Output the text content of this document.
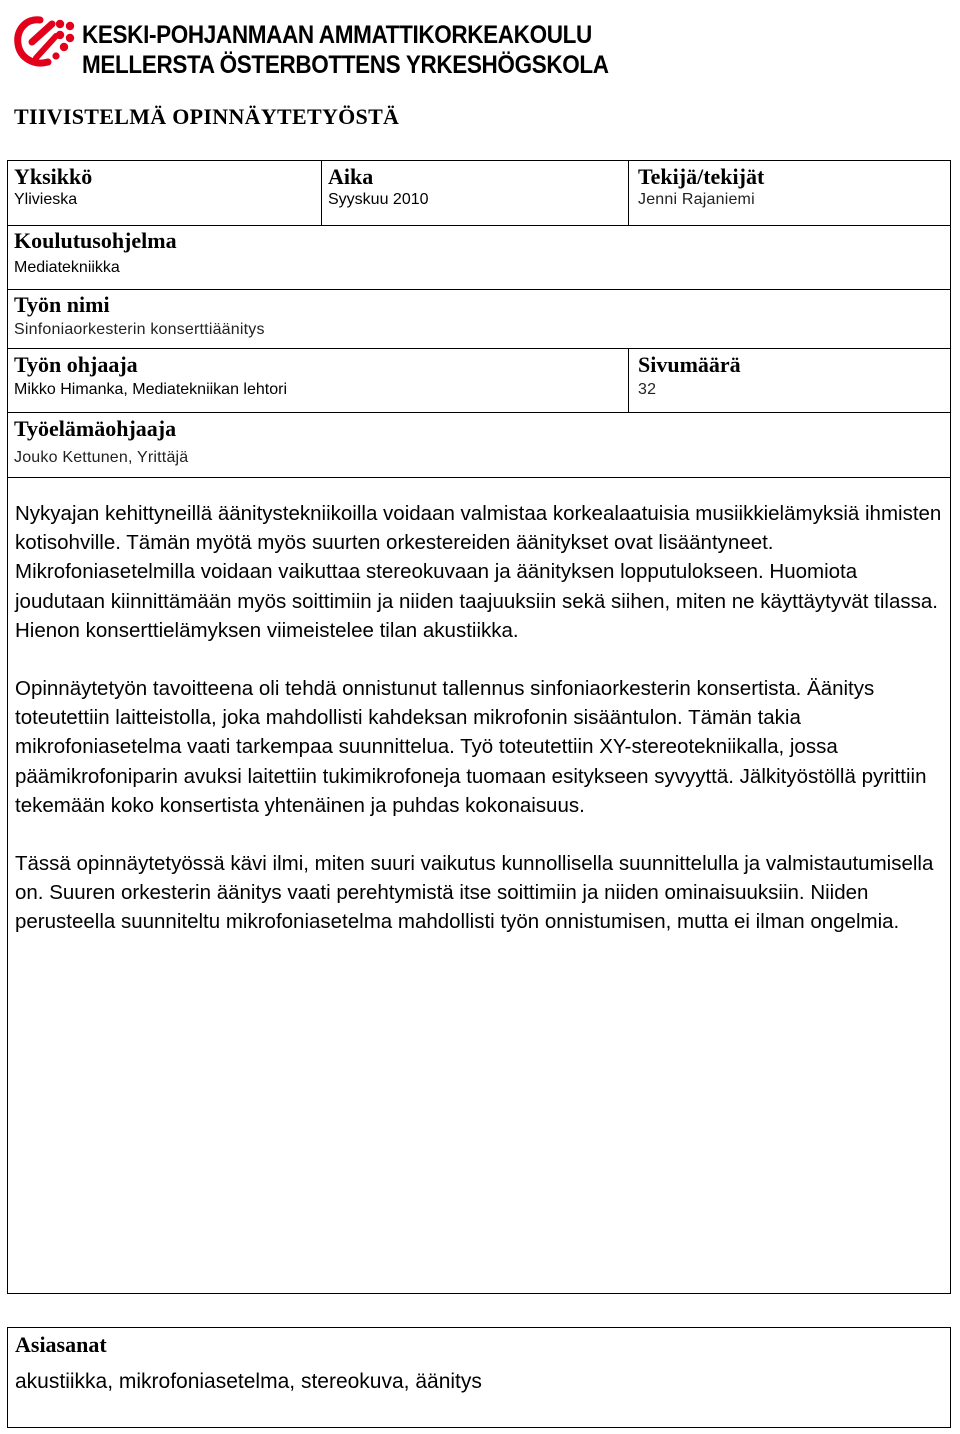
KESKI-POHJANMAAN AMMATTIKORKEAKOULU
MELLERSTA ÖSTERBOTTENS YRKESHÖGSKOLA
TIIVISTELMÄ OPINNÄYTETYÖSTÄ
Yksikkö
Ylivieska
Aika
Syyskuu 2010
Tekijä/tekijät
Jenni Rajaniemi
Koulutusohjelma
Mediatekniikka
Työn nimi
Sinfoniaorkesterin konserttiäänitys
Työn ohjaaja
Mikko Himanka, Mediatekniikan lehtori
Sivumäärä
32
Työelämäohjaaja
Jouko Kettunen, Yrittäjä

Nykyajan kehittyneillä äänitystekniikoilla voidaan valmistaa korkealaatuisia musiikkielämyksiä ihmisten kotisohville. Tämän myötä myös suurten orkestereiden äänitykset ovat lisääntyneet. Mikrofoniasetelmilla voidaan vaikuttaa stereokuvaan ja äänityksen lopputulokseen. Huomiota joudutaan kiinnittämään myös soittimiin ja niiden taajuuksiin sekä siihen, miten ne käyttäytyvät tilassa. Hienon konserttielämyksen viimeistelee tilan akustiikka.

Opinnäytetyön tavoitteena oli tehdä onnistunut tallennus sinfoniaorkesterin konsertista. Äänitys toteutettiin laitteistolla, joka mahdollisti kahdeksan mikrofonin sisääntulon. Tämän takia mikrofoniasetelma vaati tarkempaa suunnittelua. Työ toteutettiin XY-stereotekniikalla, jossa päämikrofoniparin avuksi laitettiin tukimikrofoneja tuomaan esitykseen syvyyttä. Jälkityöstöllä pyrittiin tekemään koko konsertista yhtenäinen ja puhdas kokonaisuus.

Tässä opinnäytetyössä kävi ilmi, miten suuri vaikutus kunnollisella suunnittelulla ja valmistautumisella on. Suuren orkesterin äänitys vaati perehtymistä itse soittimiin ja niiden ominaisuuksiin. Niiden perusteella suunniteltu mikrofoniasetelma mahdollisti työn onnistumisen, mutta ei ilman ongelmia.

Asiasanat
akustiikka, mikrofoniasetelma, stereokuva, äänitys
